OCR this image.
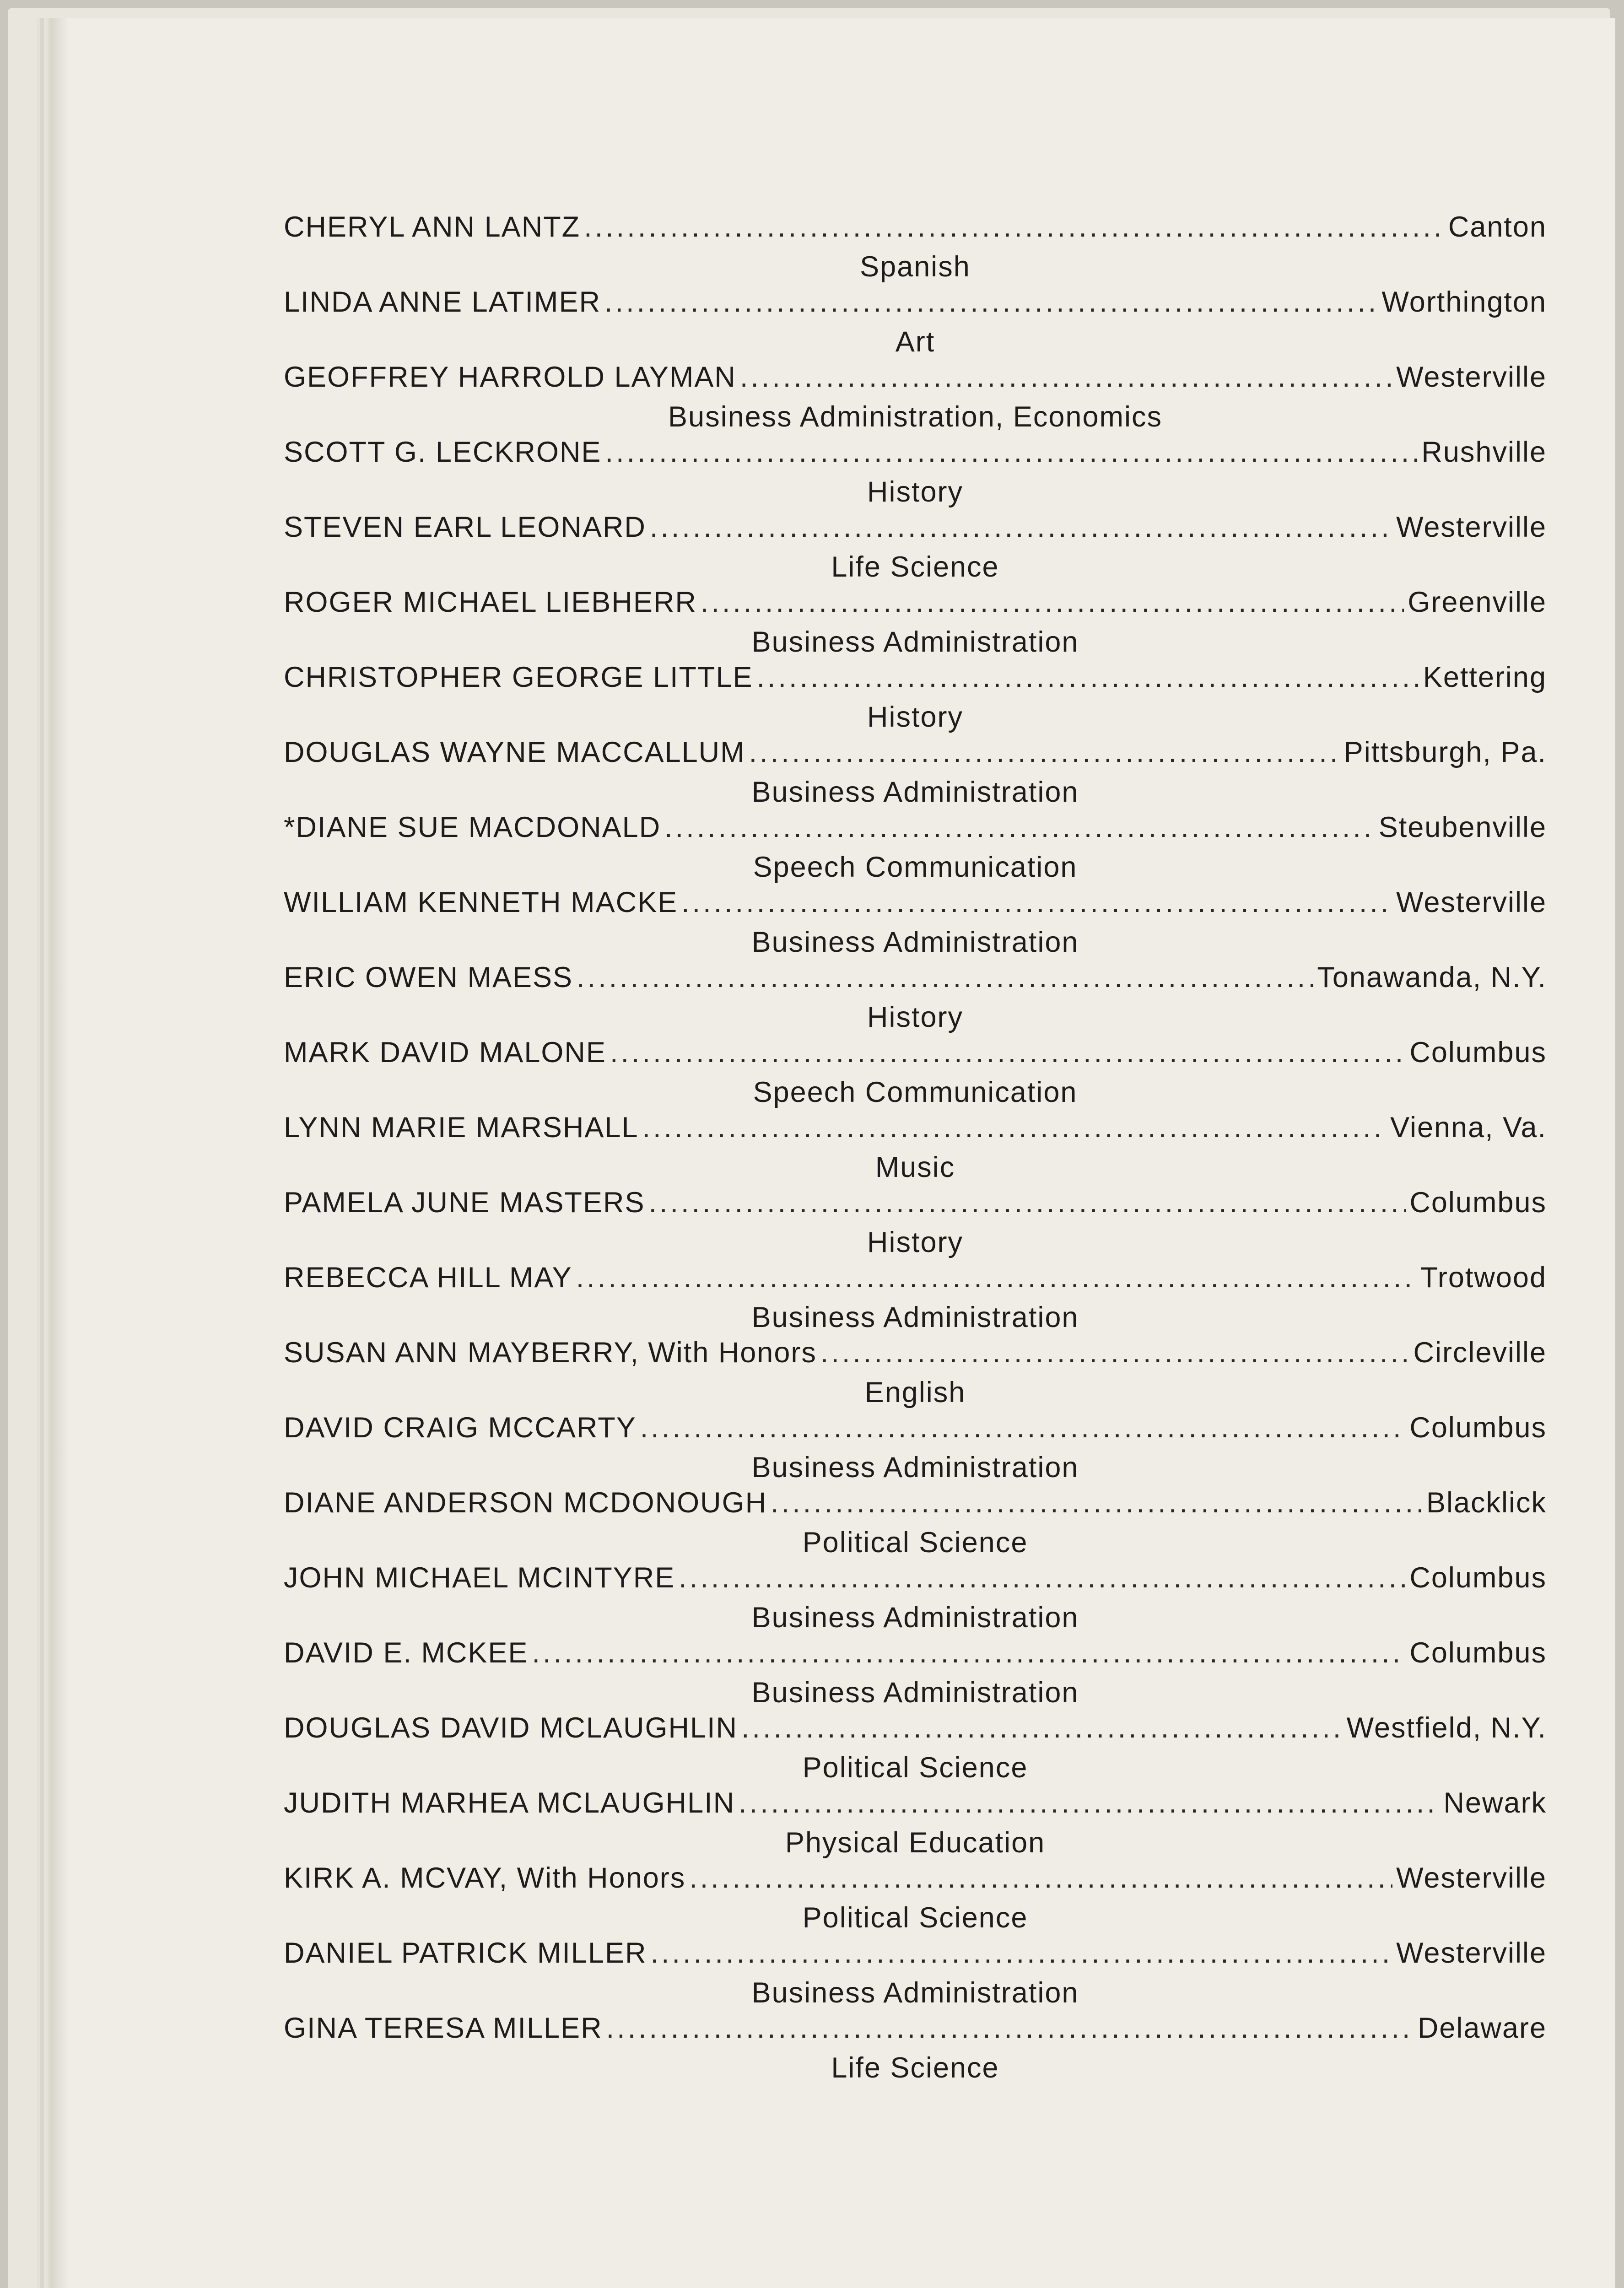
CHERYL ANN LANTZ .....	Canton
Spanish
LINDA ANNE LATIMER .....	Worthington
Art
GEOFFREY HARROLD LAYMAN .....	Westerville
Business Administration, Economics
SCOTT G. LECKRONE .....	Rushville
History
STEVEN EARL LEONARD .....	Westerville
Life Science
ROGER MICHAEL LIEBHERR .....	Greenville
Business Administration
CHRISTOPHER GEORGE LITTLE .....	Kettering
History
DOUGLAS WAYNE MACCALLUM .....	Pittsburgh, Pa.
Business Administration
*DIANE SUE MACDONALD .....	Steubenville
Speech Communication
WILLIAM KENNETH MACKE .....	Westerville
Business Administration
ERIC OWEN MAESS .....	Tonawanda, N.Y.
History
MARK DAVID MALONE .....	Columbus
Speech Communication
LYNN MARIE MARSHALL .....	Vienna, Va.
Music
PAMELA JUNE MASTERS .....	Columbus
History
REBECCA HILL MAY .....	Trotwood
Business Administration
SUSAN ANN MAYBERRY, With Honors .....	Circleville
English
DAVID CRAIG MCCARTY .....	Columbus
Business Administration
DIANE ANDERSON MCDONOUGH .....	Blacklick
Political Science
JOHN MICHAEL MCINTYRE .....	Columbus
Business Administration
DAVID E. MCKEE .....	Columbus
Business Administration
DOUGLAS DAVID MCLAUGHLIN .....	Westfield, N.Y.
Political Science
JUDITH MARHEA MCLAUGHLIN .....	Newark
Physical Education
KIRK A. MCVAY, With Honors .....	Westerville
Political Science
DANIEL PATRICK MILLER .....	Westerville
Business Administration
GINA TERESA MILLER .....	Delaware
Life Science
